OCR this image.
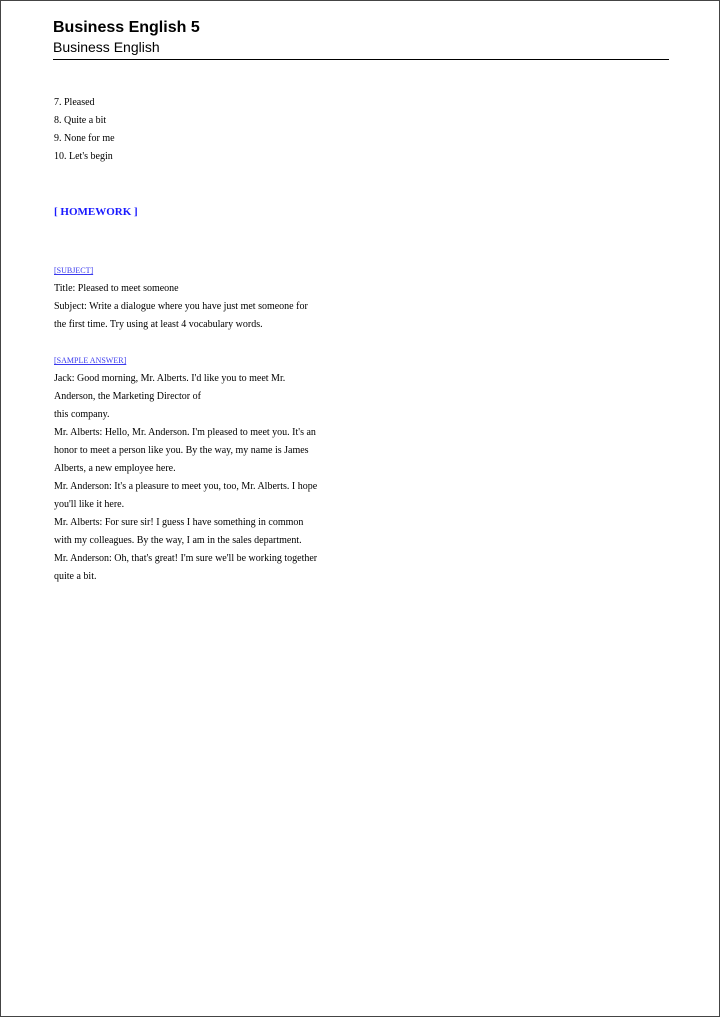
Business English 5
Business English
7. Pleased
8. Quite a bit
9. None for me
10. Let's begin
[ HOMEWORK ]
[SUBJECT]
Title: Pleased to meet someone
Subject: Write a dialogue where you have just met someone for
the first time. Try using at least 4 vocabulary words.
[SAMPLE ANSWER]
Jack: Good morning, Mr. Alberts. I'd like you to meet Mr.
Anderson, the Marketing Director of
this company.
Mr. Alberts: Hello, Mr. Anderson. I'm pleased to meet you. It's an
honor to meet a person like you. By the way, my name is James
Alberts, a new employee here.
Mr. Anderson: It's a pleasure to meet you, too, Mr. Alberts. I hope
you'll like it here.
Mr. Alberts: For sure sir! I guess I have something in common
with my colleagues. By the way, I am in the sales department.
Mr. Anderson: Oh, that's great! I'm sure we'll be working together
quite a bit.
